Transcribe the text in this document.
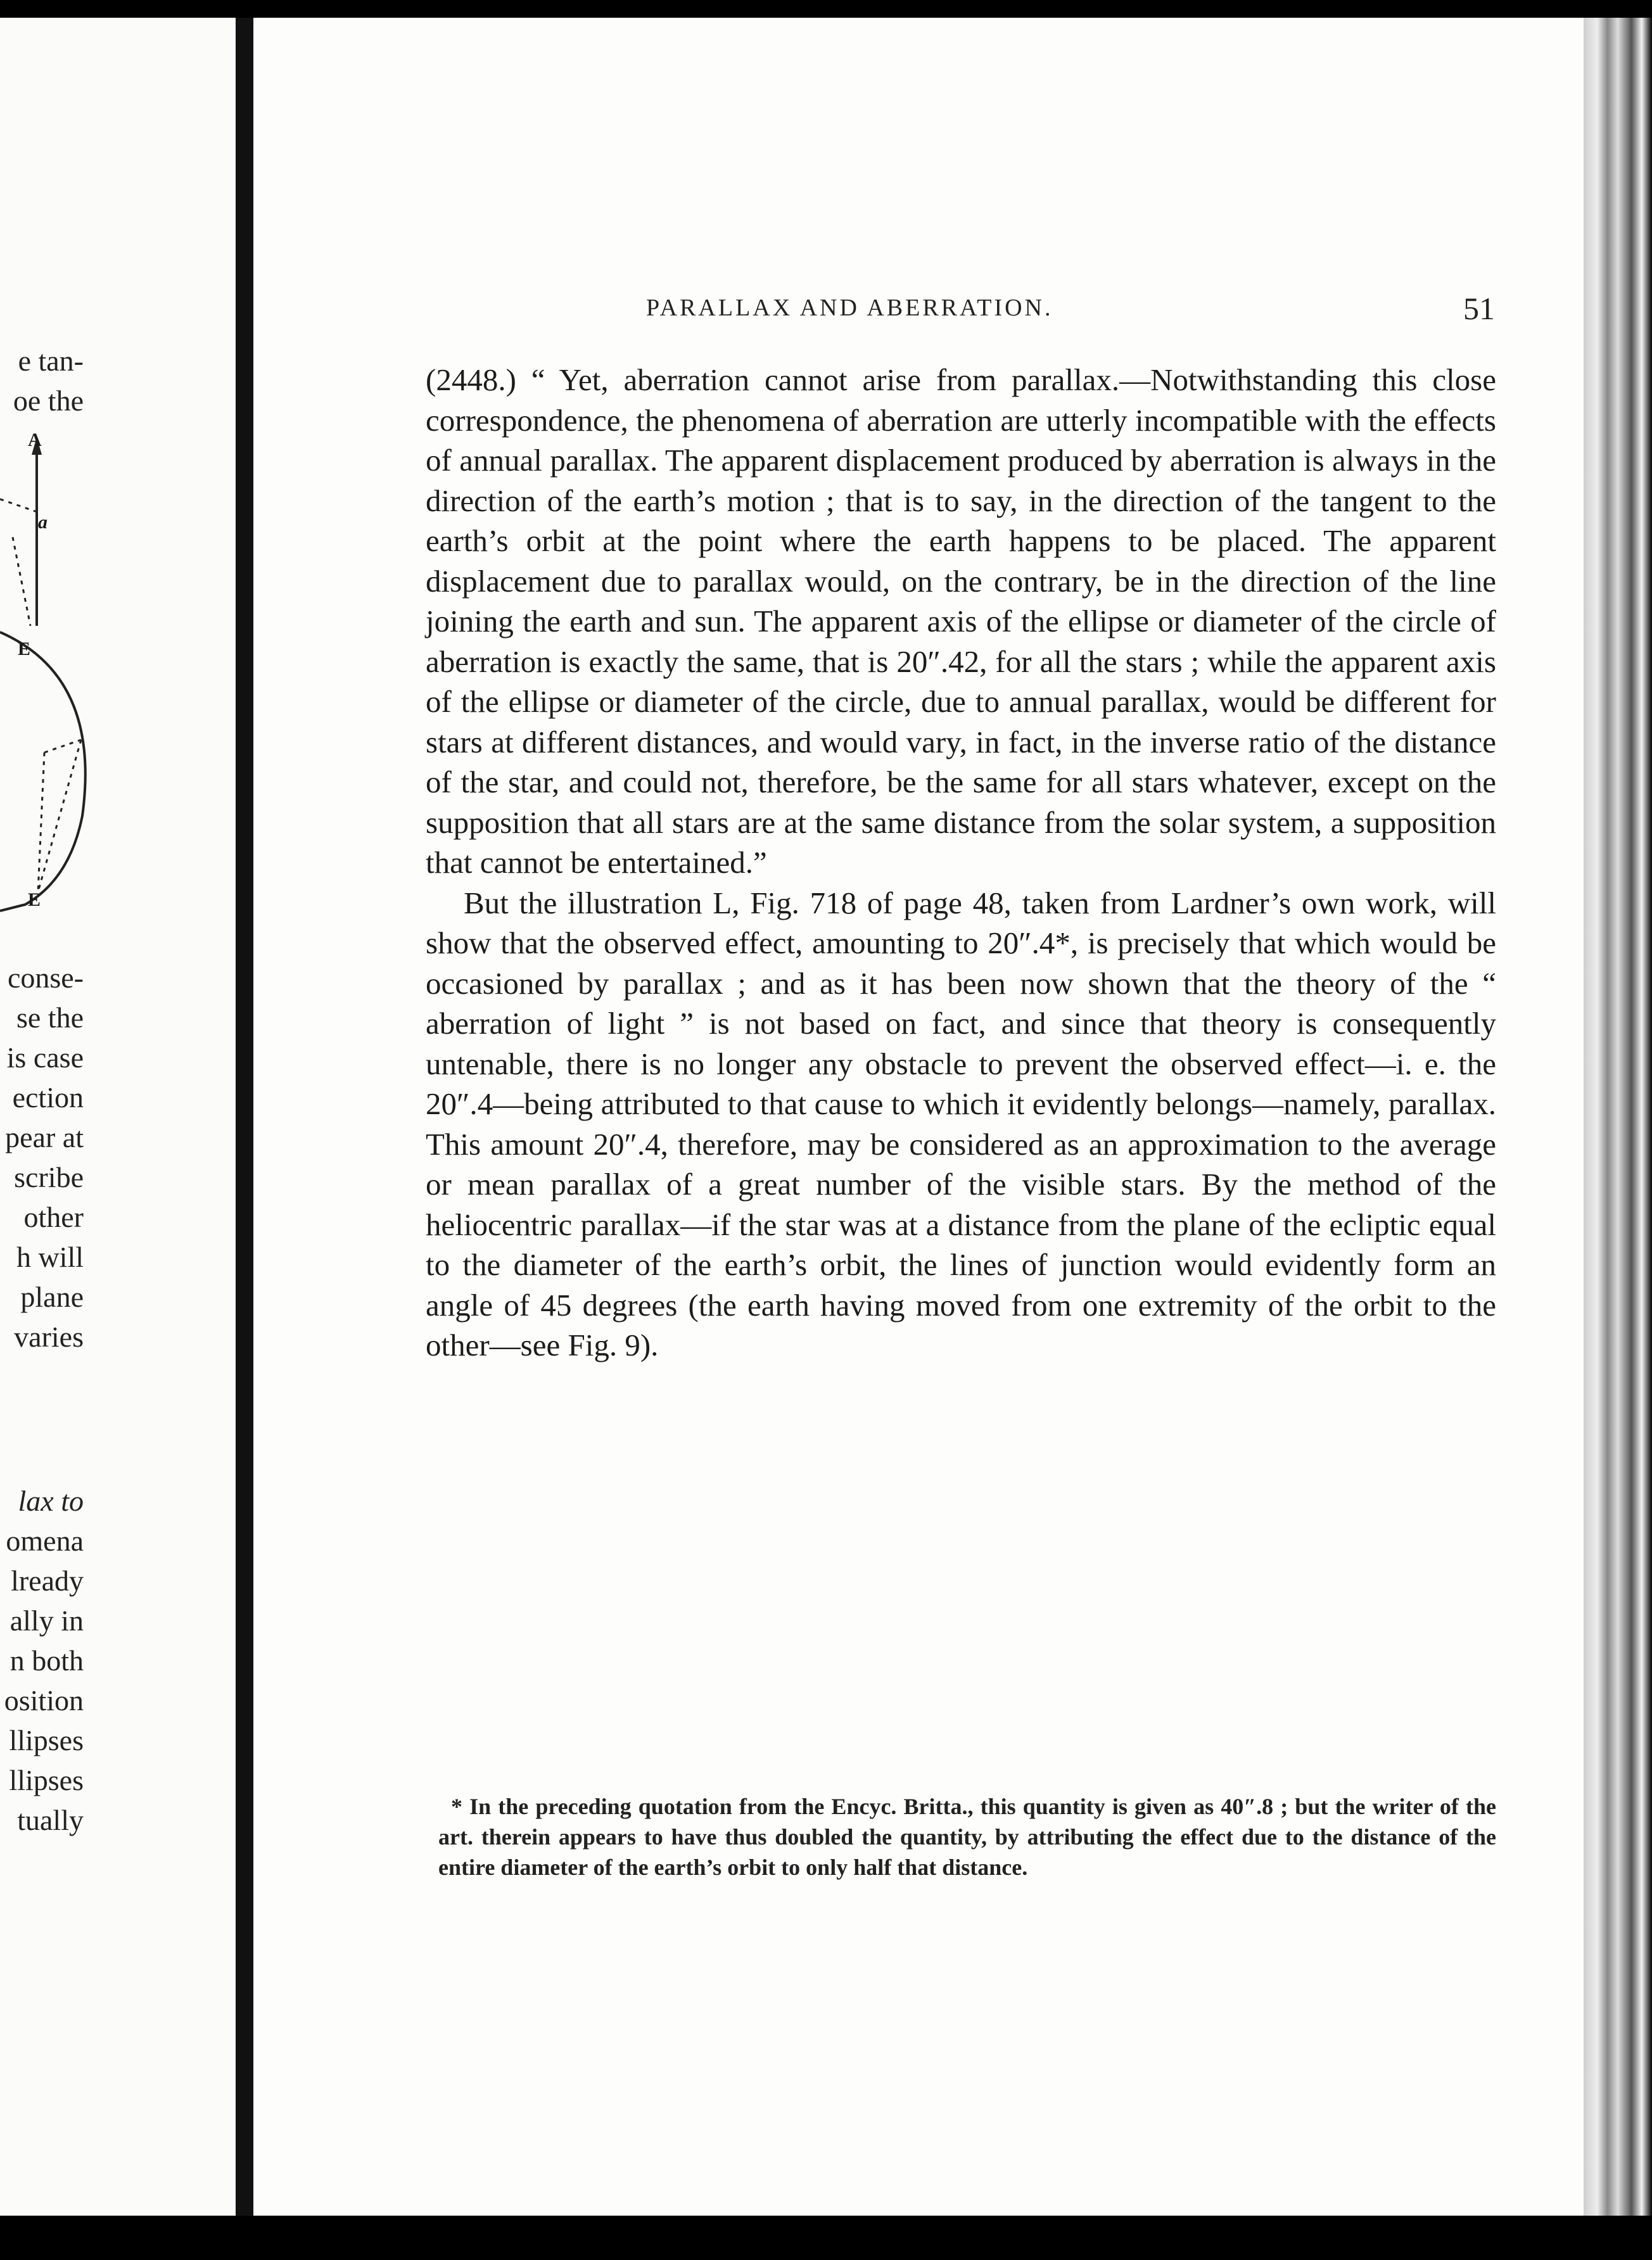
e tan-
oe the
A
a
E
E
conse-
se the
is case
ection
pear at
scribe
other
h will
plane
varies
lax to
omena
lready
ally in
n both
osition
llipses
llipses
tually
PARALLAX AND ABERRATION.	51

(2448.) “ Yet, aberration cannot arise from parallax.—Notwithstanding this close correspondence, the phenomena of aberration are utterly incompatible with the effects of annual parallax. The apparent displacement produced by aberration is always in the direction of the earth’s motion ; that is to say, in the direction of the tangent to the earth’s orbit at the point where the earth happens to be placed. The apparent displacement due to parallax would, on the contrary, be in the direction of the line joining the earth and sun. The apparent axis of the ellipse or diameter of the circle of aberration is exactly the same, that is 20″.42, for all the stars ; while the apparent axis of the ellipse or diameter of the circle, due to annual parallax, would be different for stars at different distances, and would vary, in fact, in the inverse ratio of the distance of the star, and could not, therefore, be the same for all stars whatever, except on the supposition that all stars are at the same distance from the solar system, a supposition that cannot be entertained.”

But the illustration L, Fig. 718 of page 48, taken from Lardner’s own work, will show that the observed effect, amounting to 20″.4*, is precisely that which would be occasioned by parallax ; and as it has been now shown that the theory of the “ aberration of light ” is not based on fact, and since that theory is consequently untenable, there is no longer any obstacle to prevent the observed effect—i. e. the 20″.4—being attributed to that cause to which it evidently belongs—namely, parallax. This amount 20″.4, therefore, may be considered as an approximation to the average or mean parallax of a great number of the visible stars. By the method of the heliocentric parallax—if the star was at a distance from the plane of the ecliptic equal to the diameter of the earth’s orbit, the lines of junction would evidently form an angle of 45 degrees (the earth having moved from one extremity of the orbit to the other—see Fig. 9).

* In the preceding quotation from the Encyc. Britta., this quantity is given as 40″.8 ; but the writer of the art. therein appears to have thus doubled the quantity, by attributing the effect due to the distance of the entire diameter of the earth’s orbit to only half that distance.
